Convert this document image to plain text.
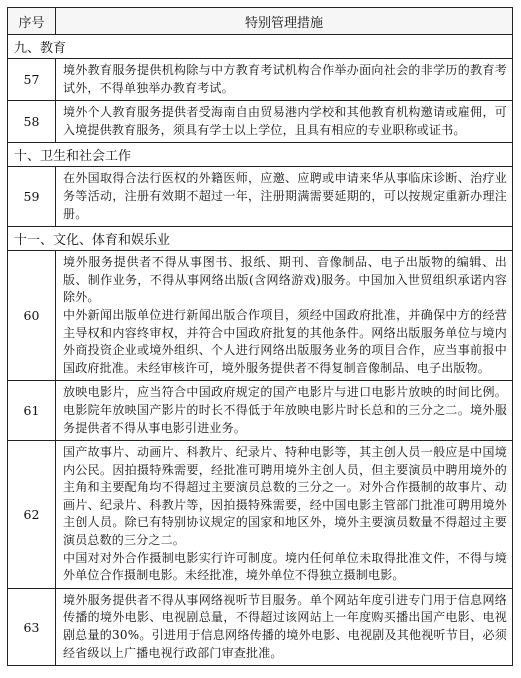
序号	特别管理措施
九、教育	
57	境外教育服务提供机构除与中方教育考试机构合作举办面向社会的非学历的教育考试外，不得单独举办教育考试。

58	境外个人教育服务提供者受海南自由贸易港内学校和其他教育机构邀请或雇佣，可入境提供教育服务，须具有学士以上学位，且具有相应的专业职称或证书。

十、卫生和社会工作	
59	在外国取得合法行医权的外籍医师，应邀、应聘或申请来华从事临床诊断、治疗业务等活动，注册有效期不超过一年，注册期满需要延期的，可以按规定重新办理注册。

十一、文化、体育和娱乐业	
60	境外服务提供者不得从事图书、报纸、期刊、音像制品、电子出版物的编辑、出版、制作业务，不得从事网络出版(含网络游戏)服务。中国加入世贸组织承诺内容除外。

中外新闻出版单位进行新闻出版合作项目，须经中国政府批准，并确保中方的经营主导权和内容终审权，并符合中国政府批复的其他条件。网络出版服务单位与境内外商投资企业或境外组织、个人进行网络出版服务业务的项目合作，应当事前报中国政府批准。未经审核许可，境外服务提供者不得复制音像制品、电子出版物。

61	放映电影片，应当符合中国政府规定的国产电影片与进口电影片放映的时间比例。电影院年放映国产影片的时长不得低于年放映电影片时长总和的三分之二。境外服务提供者不得从事电影引进业务。

62	国产故事片、动画片、科教片、纪录片、特种电影等，其主创人员一般应是中国境内公民。因拍摄特殊需要，经批准可聘用境外主创人员，但主要演员中聘用境外的主角和主要配角均不得超过主要演员总数的三分之一。对外合作摄制的故事片、动画片、纪录片、科教片等，因拍摄特殊需要，经中国电影主管部门批准可聘用境外主创人员。除已有特别协议规定的国家和地区外，境外主要演员数量不得超过主要演员总数的三分之二。

中国对对外合作摄制电影实行许可制度。境内任何单位未取得批准文件，不得与境外单位合作摄制电影。未经批准，境外单位不得独立摄制电影。

63	境外服务提供者不得从事网络视听节目服务。单个网站年度引进专门用于信息网络传播的境外电影、电视剧总量，不得超过该网站上一年度购买播出国产电影、电视剧总量的30%。引进用于信息网络传播的境外电影、电视剧及其他视听节目，必须经省级以上广播电视行政部门审查批准。
